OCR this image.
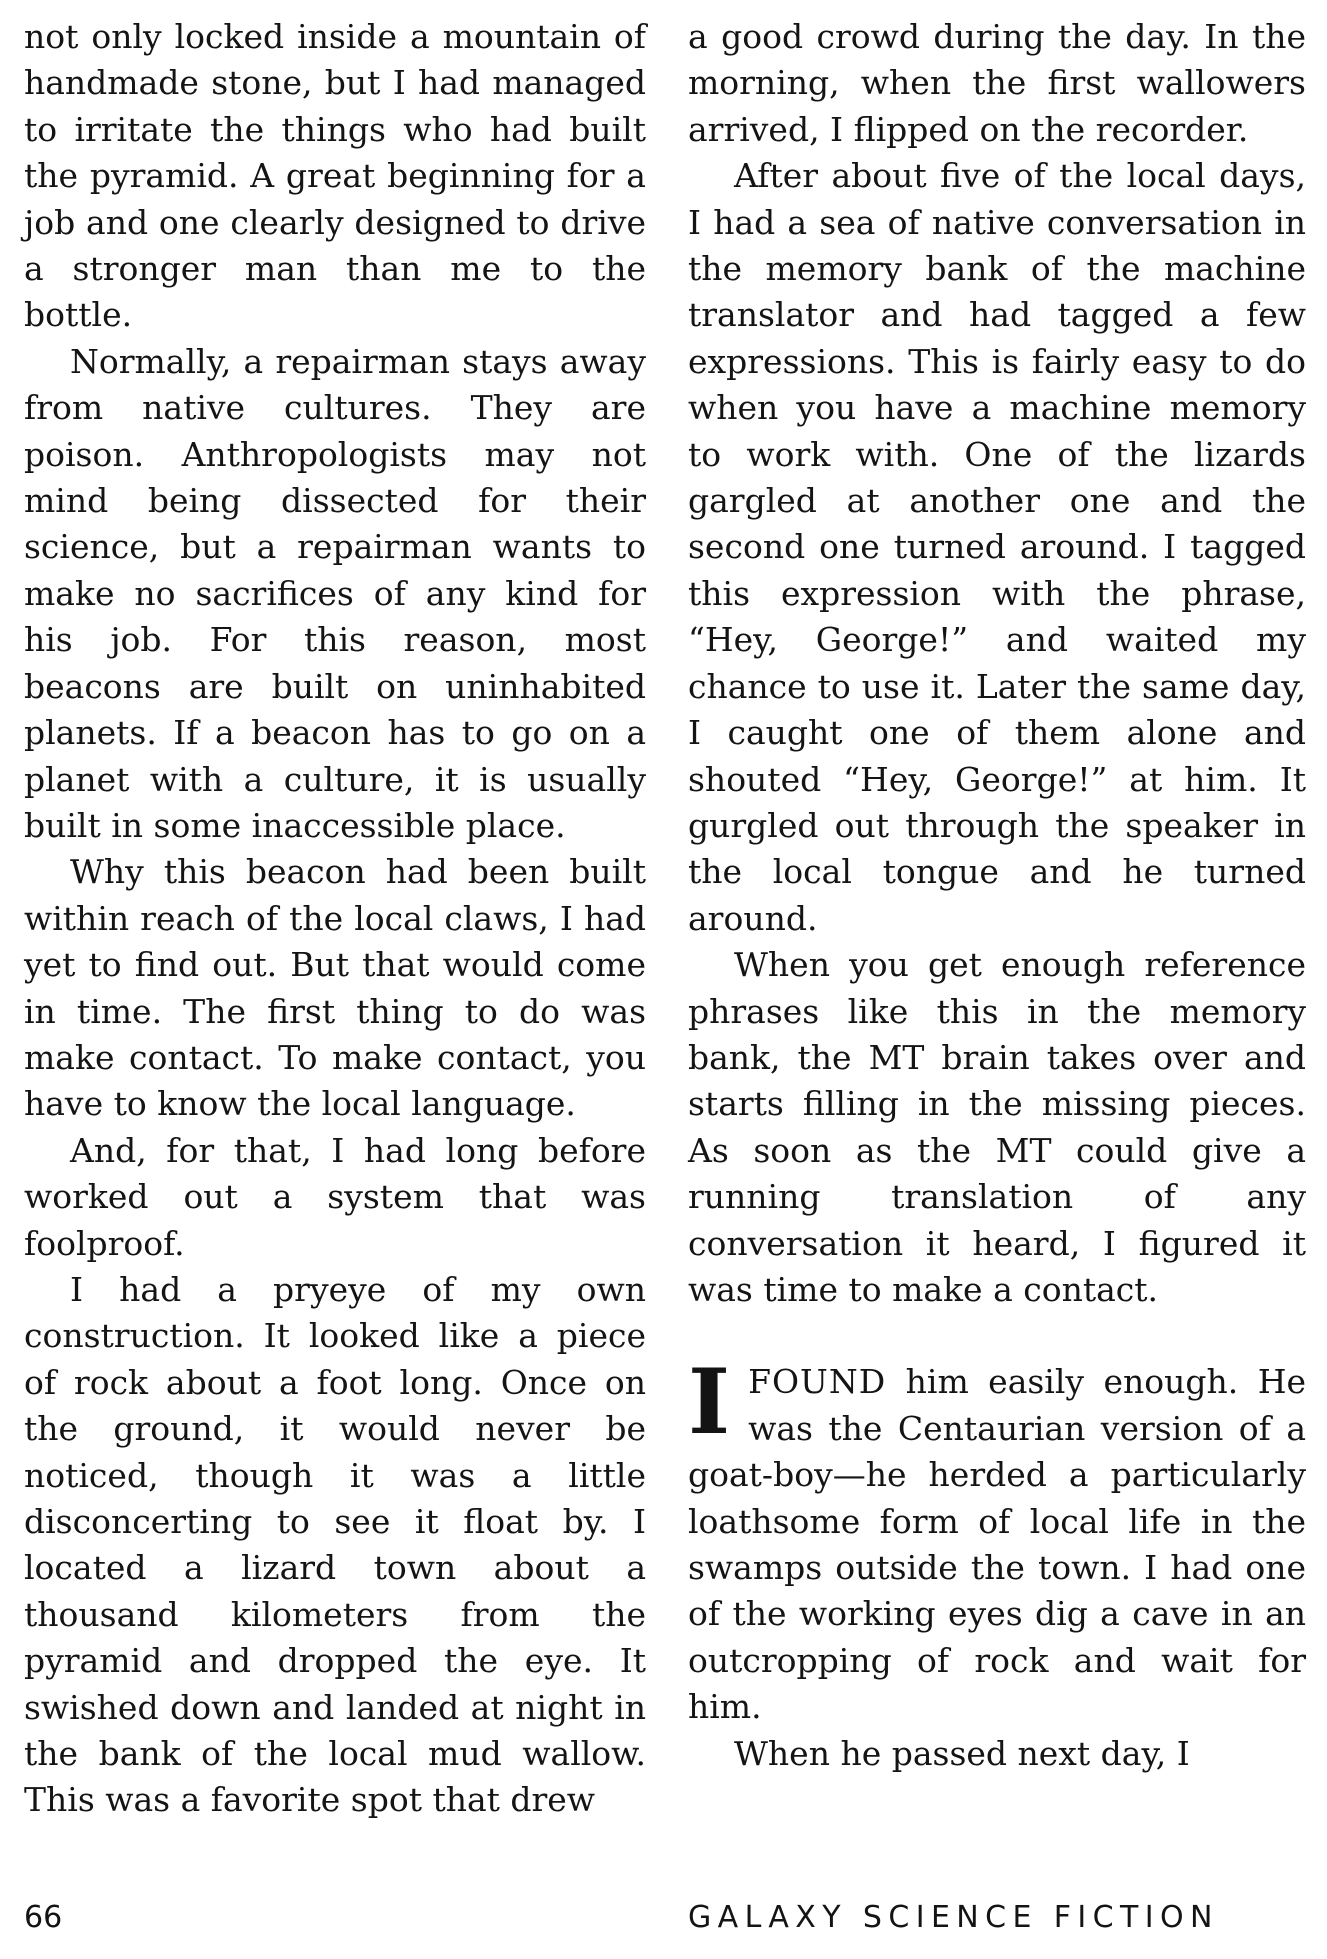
not only locked inside a mountain of handmade stone, but I had managed to irritate the things who had built the pyramid. A great beginning for a job and one clearly designed to drive a stronger man than me to the bottle.

Normally, a repairman stays away from native cultures. They are poison. Anthropologists may not mind being dissected for their science, but a repairman wants to make no sacrifices of any kind for his job. For this reason, most beacons are built on uninhabited planets. If a beacon has to go on a planet with a culture, it is usually built in some inaccessible place.

Why this beacon had been built within reach of the local claws, I had yet to find out. But that would come in time. The first thing to do was make contact. To make contact, you have to know the local language.

And, for that, I had long before worked out a system that was foolproof.

I had a pryeye of my own construction. It looked like a piece of rock about a foot long. Once on the ground, it would never be noticed, though it was a little disconcerting to see it float by. I located a lizard town about a thousand kilometers from the pyramid and dropped the eye. It swished down and landed at night in the bank of the local mud wallow. This was a favorite spot that drew

a good crowd during the day. In the morning, when the first wallowers arrived, I flipped on the recorder.

After about five of the local days, I had a sea of native conversation in the memory bank of the machine translator and had tagged a few expressions. This is fairly easy to do when you have a machine memory to work with. One of the lizards gargled at another one and the second one turned around. I tagged this expression with the phrase, “Hey, George!” and waited my chance to use it. Later the same day, I caught one of them alone and shouted “Hey, George!” at him. It gurgled out through the speaker in the local tongue and he turned around.

When you get enough reference phrases like this in the memory bank, the MT brain takes over and starts filling in the missing pieces. As soon as the MT could give a running translation of any conversation it heard, I figured it was time to make a contact.

IFOUND him easily enough. He was the Centaurian version of a goat-boy—he herded a particularly loathsome form of local life in the swamps outside the town. I had one of the working eyes dig a cave in an outcropping of rock and wait for him.

When he passed next day, I

66	GALAXY SCIENCE FICTION
